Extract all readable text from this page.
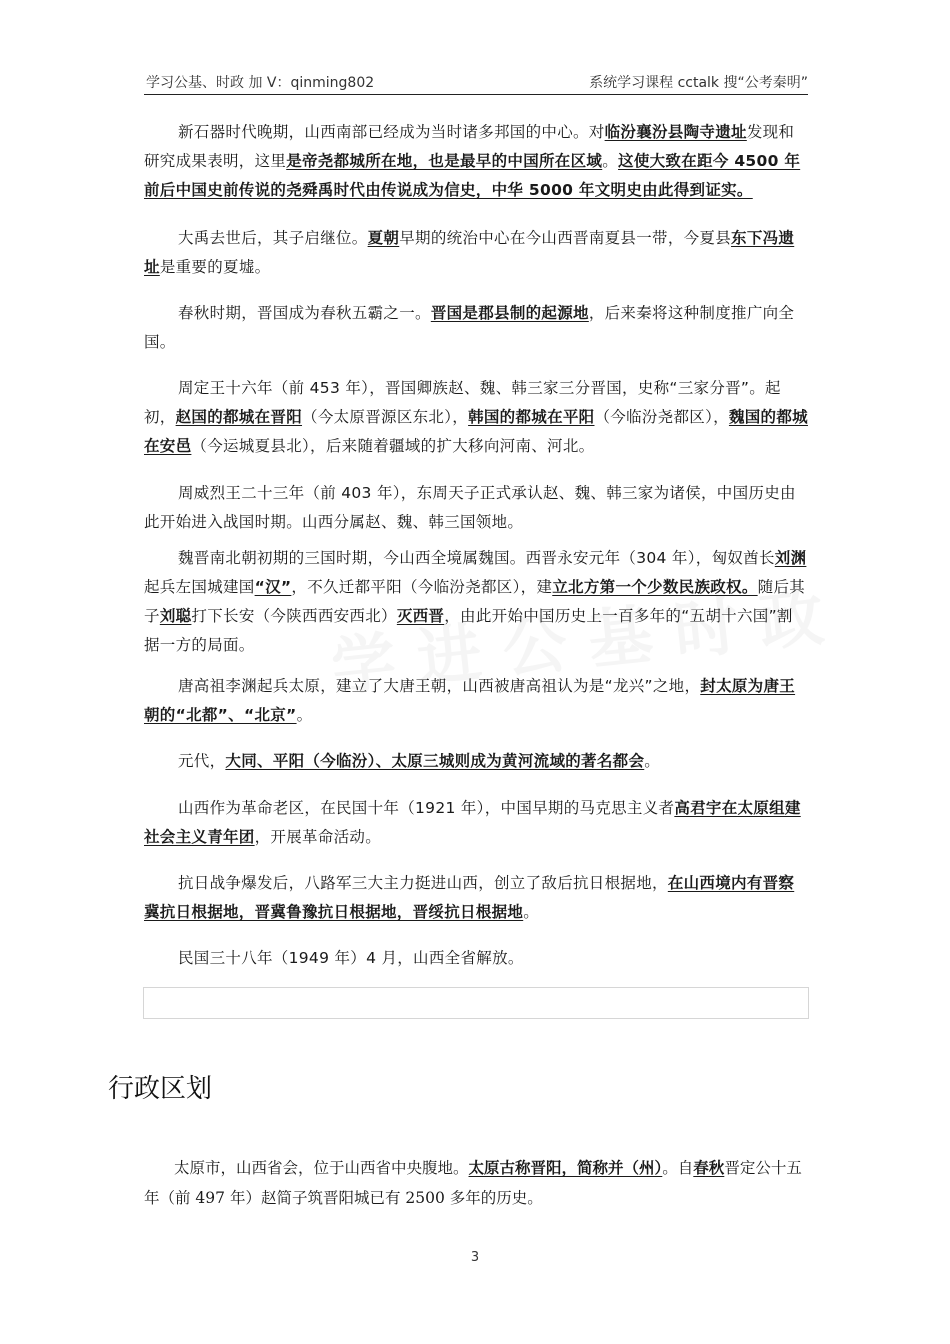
学习公基、时政 加 V：qinming802	系统学习课程 cctalk 搜“公考秦明”

新石器时代晚期，山西南部已经成为当时诸多邦国的中心。对临汾襄汾县陶寺遗址发现和研究成果表明，这里是帝尧都城所在地，也是最早的中国所在区域。这使大致在距今 4500 年前后中国史前传说的尧舜禹时代由传说成为信史，中华 5000 年文明史由此得到证实。

大禹去世后，其子启继位。夏朝早期的统治中心在今山西晋南夏县一带，今夏县东下冯遗址是重要的夏墟。

春秋时期，晋国成为春秋五霸之一。晋国是郡县制的起源地，后来秦将这种制度推广向全国。

周定王十六年（前 453 年），晋国卿族赵、魏、韩三家三分晋国，史称“三家分晋”。起初，赵国的都城在晋阳（今太原晋源区东北），韩国的都城在平阳（今临汾尧都区），魏国的都城在安邑（今运城夏县北），后来随着疆域的扩大移向河南、河北。

周威烈王二十三年（前 403 年），东周天子正式承认赵、魏、韩三家为诸侯，中国历史由此开始进入战国时期。山西分属赵、魏、韩三国领地。

魏晋南北朝初期的三国时期，今山西全境属魏国。西晋永安元年（304 年），匈奴酋长刘渊起兵左国城建国“汉”，不久迁都平阳（今临汾尧都区），建立北方第一个少数民族政权。随后其子刘聪打下长安（今陕西西安西北）灭西晋，由此开始中国历史上一百多年的“五胡十六国”割据一方的局面。

唐高祖李渊起兵太原，建立了大唐王朝，山西被唐高祖认为是“龙兴”之地，封太原为唐王朝的“北都”、“北京”。

元代，大同、平阳（今临汾）、太原三城则成为黄河流域的著名都会。

山西作为革命老区，在民国十年（1921 年），中国早期的马克思主义者高君宇在太原组建社会主义青年团，开展革命活动。

抗日战争爆发后，八路军三大主力挺进山西，创立了敌后抗日根据地，在山西境内有晋察冀抗日根据地，晋冀鲁豫抗日根据地，晋绥抗日根据地。

民国三十八年（1949 年）4 月，山西全省解放。

行政区划

太原市，山西省会，位于山西省中央腹地。太原古称晋阳，简称并（州）。自春秋晋定公十五年（前 497 年）赵简子筑晋阳城已有 2500 多年的历史。

3
